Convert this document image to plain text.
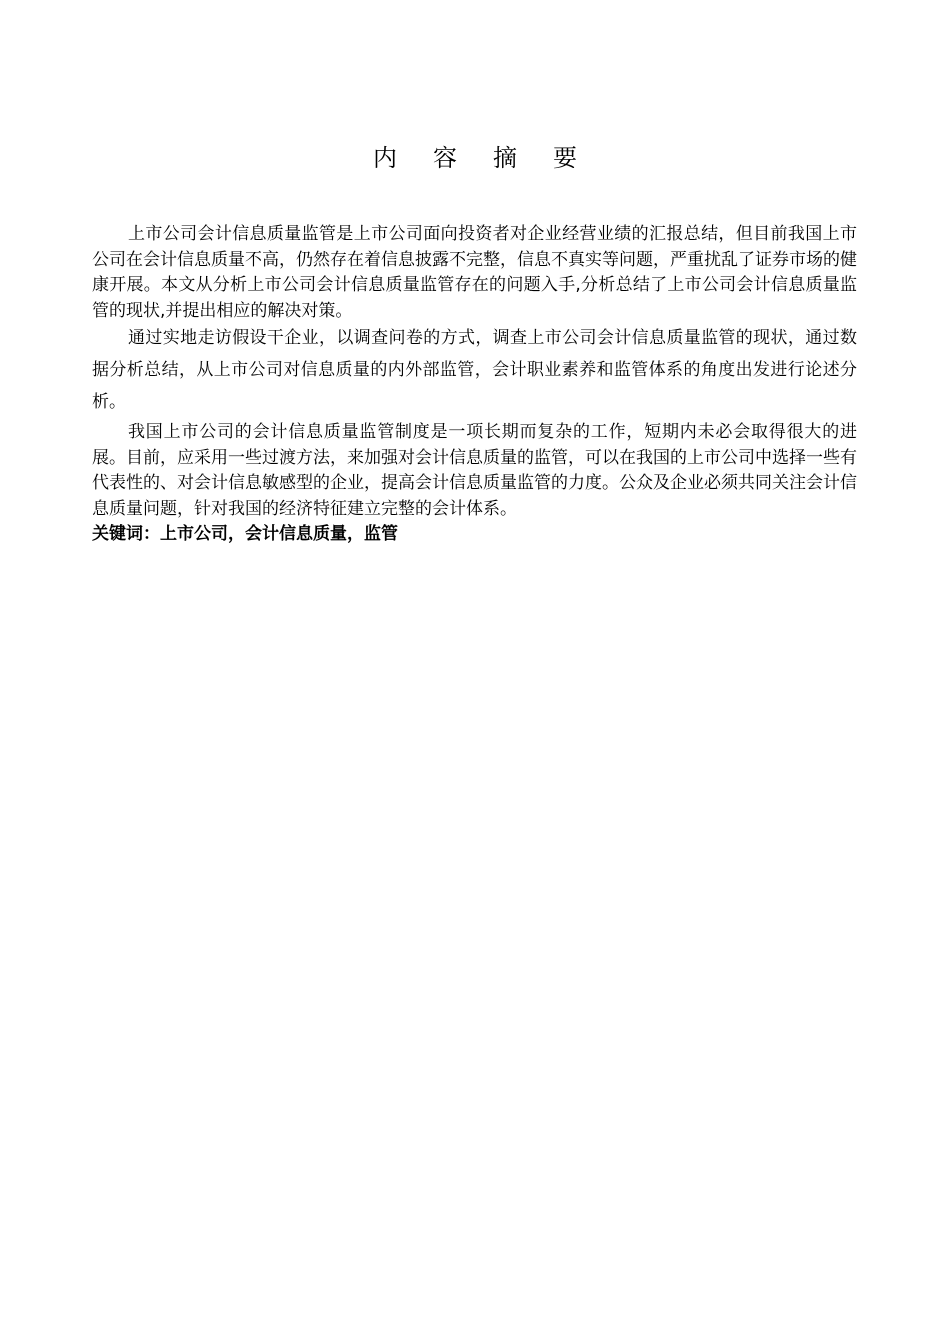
内容摘要

上市公司会计信息质量监管是上市公司面向投资者对企业经营业绩的汇报总结，但目前我国上市公司在会计信息质量不高，仍然存在着信息披露不完整，信息不真实等问题，严重扰乱了证券市场的健康开展。本文从分析上市公司会计信息质量监管存在的问题入手,分析总结了上市公司会计信息质量监管的现状,并提出相应的解决对策。

通过实地走访假设干企业，以调查问卷的方式，调查上市公司会计信息质量监管的现状，通过数据分析总结，从上市公司对信息质量的内外部监管，会计职业素养和监管体系的角度出发进行论述分析。

我国上市公司的会计信息质量监管制度是一项长期而复杂的工作，短期内未必会取得很大的进展。目前，应采用一些过渡方法，来加强对会计信息质量的监管，可以在我国的上市公司中选择一些有代表性的、对会计信息敏感型的企业，提高会计信息质量监管的力度。公众及企业必须共同关注会计信息质量问题，针对我国的经济特征建立完整的会计体系。

关键词：上市公司，会计信息质量，监管
